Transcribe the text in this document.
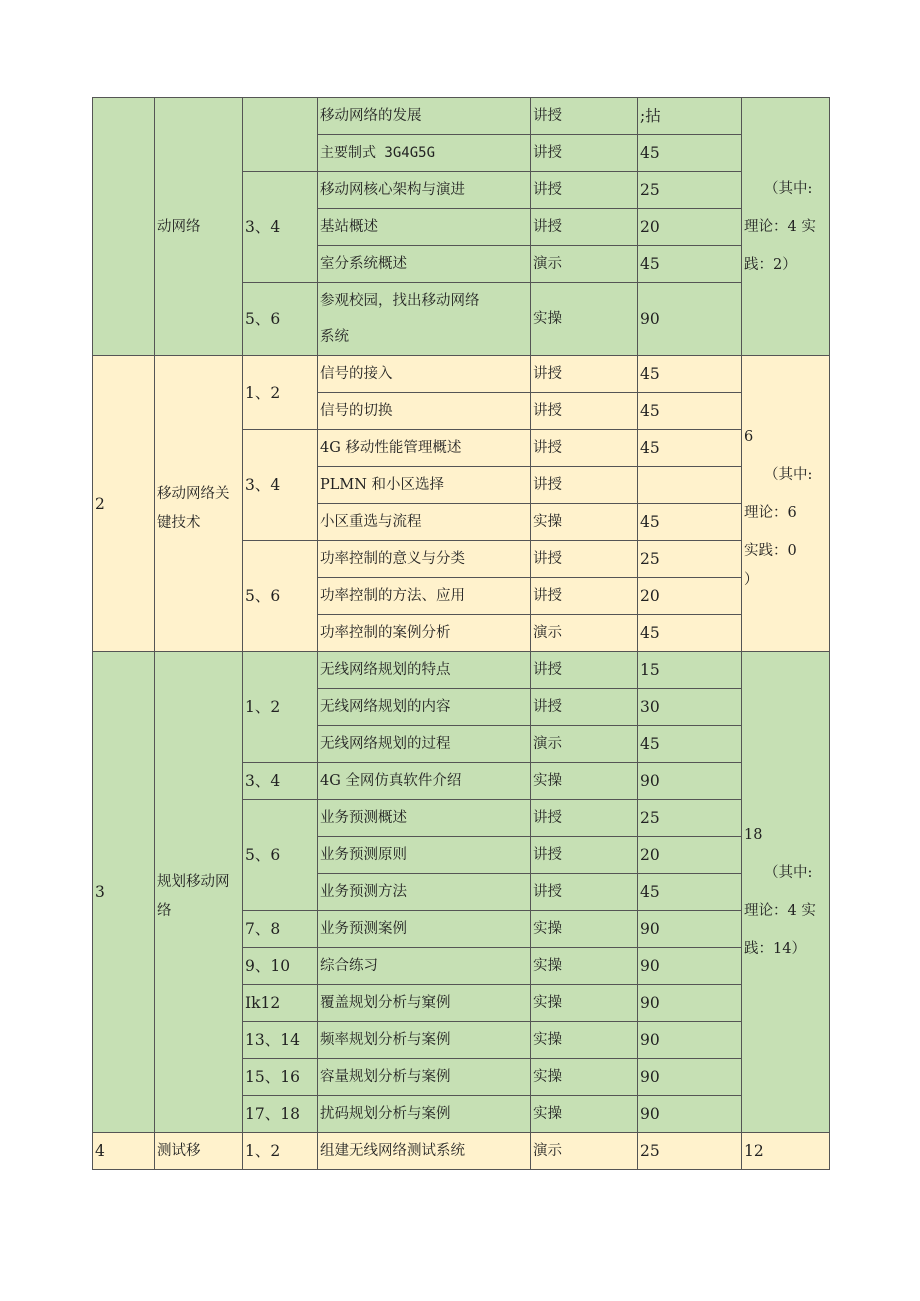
	动网络		移动网络的发展	讲授	;拈	（其中:
理论：4 实
践：2）

			主要制式 3G4G5G	讲授	45	
		3、4	移动网核心架构与演进	讲授	25	
			基站概述	讲授	20	
			室分系统概述	演示	45	
		5、6	参观校园，找出移动网络
系统	实操	90	

2	移动网络关
键技术	1、2	信号的接入	讲授	45	6
（其中:
理论：6
实践：0
）

			信号的切换	讲授	45	
		3、4	4G 移动性能管理概述	讲授	45	
			PLMN 和小区选择	讲授		
			小区重选与流程	实操	45	
		5、6	功率控制的意义与分类	讲授	25	
			功率控制的方法、应用	讲授	20	
			功率控制的案例分析	演示	45	
3	规划移动网
络	1、2	无线网络规划的特点	讲授	15	18
（其中:
理论：4 实
践：14）

			无线网络规划的内容	讲授	30	
			无线网络规划的过程	演示	45	
		3、4	4G 全网仿真软件介绍	实操	90	
		5、6	业务预测概述	讲授	25	
			业务预测原则	讲授	20	
			业务预测方法	讲授	45	
		7、8	业务预测案例	实操	90	
		9、10	综合练习	实操	90	
		Ik12	覆盖规划分析与窠例	实操	90	
		13、14	频率规划分析与案例	实操	90	
		15、16	容量规划分析与案例	实操	90	
		17、18	扰码规划分析与案例	实操	90	
4	测试移	1、2	组建无线网络测试系统	演示	25	12
